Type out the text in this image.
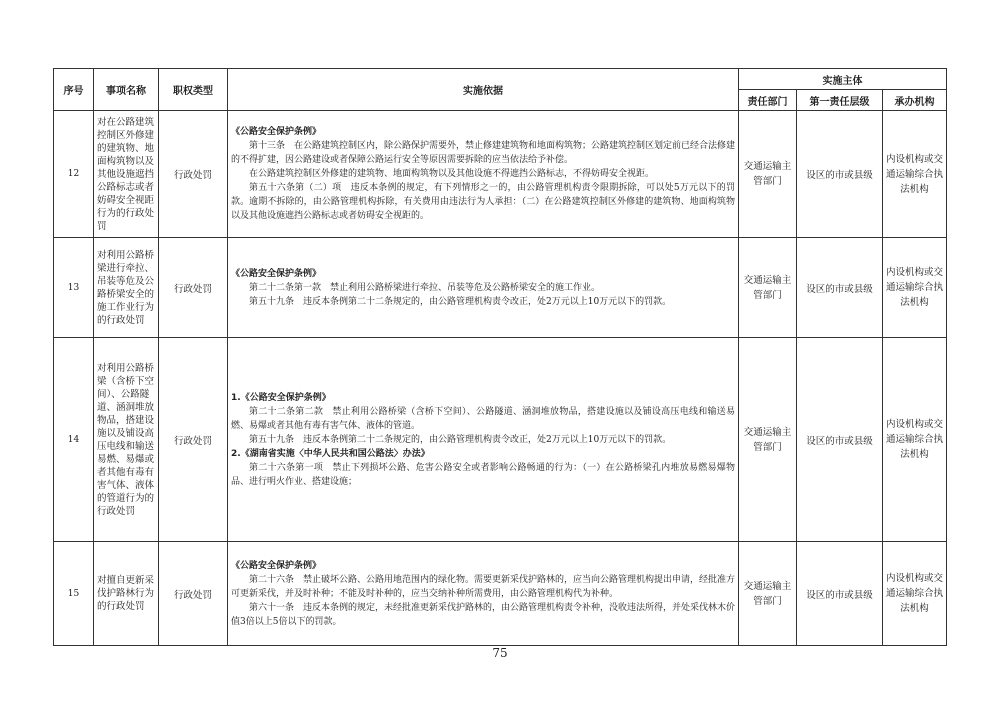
序号	事项名称	职权类型	实施依据	实施主体		
				责任部门	第一责任层级	承办机构
12	对在公路建筑控制区外修建的建筑物、地面构筑物以及其他设施遮挡公路标志或者妨碍安全视距行为的行政处罚	行政处罚	《公路安全保护条例》
第十三条　在公路建筑控制区内，除公路保护需要外，禁止修建建筑物和地面构筑物；公路建筑控制区划定前已经合法修建的不得扩建，因公路建设或者保障公路运行安全等原因需要拆除的应当依法给予补偿。
在公路建筑控制区外修建的建筑物、地面构筑物以及其他设施不得遮挡公路标志，不得妨碍安全视距。
第五十六条第（二）项　违反本条例的规定，有下列情形之一的，由公路管理机构责令限期拆除，可以处5万元以下的罚款。逾期不拆除的，由公路管理机构拆除，有关费用由违法行为人承担：（二）在公路建筑控制区外修建的建筑物、地面构筑物以及其他设施遮挡公路标志或者妨碍安全视距的。	交通运输主管部门	设区的市或县级	内设机构或交通运输综合执法机构
13	对利用公路桥梁进行牵拉、吊装等危及公路桥梁安全的施工作业行为的行政处罚	行政处罚	《公路安全保护条例》
第二十二条第一款　禁止利用公路桥梁进行牵拉、吊装等危及公路桥梁安全的施工作业。
第五十九条　违反本条例第二十二条规定的，由公路管理机构责令改正，处2万元以上10万元以下的罚款。	交通运输主管部门	设区的市或县级	内设机构或交通运输综合执法机构
14	对利用公路桥梁（含桥下空间）、公路隧道、涵洞堆放物品，搭建设施以及铺设高压电线和输送易燃、易爆或者其他有毒有害气体、液体的管道行为的行政处罚	行政处罚	1.《公路安全保护条例》
第二十二条第二款　禁止利用公路桥梁（含桥下空间）、公路隧道、涵洞堆放物品，搭建设施以及铺设高压电线和输送易燃、易爆或者其他有毒有害气体、液体的管道。
第五十九条　违反本条例第二十二条规定的，由公路管理机构责令改正，处2万元以上10万元以下的罚款。
2.《湖南省实施〈中华人民共和国公路法〉办法》
第二十六条第一项　禁止下列损坏公路、危害公路安全或者影响公路畅通的行为：（一）在公路桥梁孔内堆放易燃易爆物品、进行明火作业、搭建设施；	交通运输主管部门	设区的市或县级	内设机构或交通运输综合执法机构
15	对擅自更新采伐护路林行为的行政处罚	行政处罚	《公路安全保护条例》
第二十六条　禁止破坏公路、公路用地范围内的绿化物。需要更新采伐护路林的，应当向公路管理机构提出申请，经批准方可更新采伐，并及时补种；不能及时补种的，应当交纳补种所需费用，由公路管理机构代为补种。
第六十一条　违反本条例的规定，未经批准更新采伐护路林的，由公路管理机构责令补种，没收违法所得，并处采伐林木价值3倍以上5倍以下的罚款。	交通运输主管部门	设区的市或县级	内设机构或交通运输综合执法机构
75
